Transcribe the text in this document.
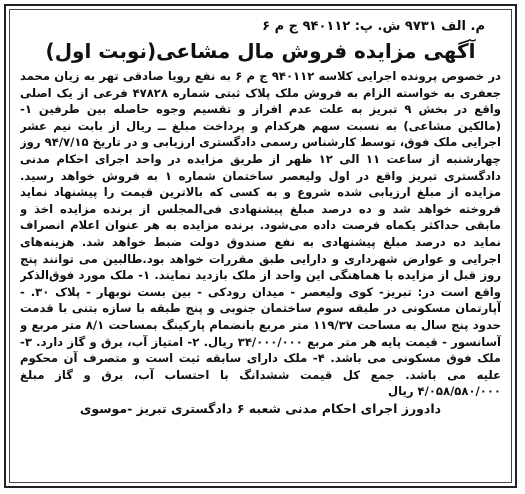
م. الف ۹۷۳۱ ش. پ: ۹۴۰۱۱۲ ج م ۶
آگهی مزایده فروش مال مشاعی(نوبت اول)

در خصوص پرونده اجرایی کلاسه ۹۴۰۱۱۲ ج م ۶ به نفع رویا صادقی تهر به زیان محمد جعفری به خواسته الزام به فروش ملک پلاک ثبتی شماره ۴۷۸۲۸ فرعی از یک اصلی واقع در بخش ۹ تبریز به علت عدم افراز و تقسیم وجوه حاصله بین طرفین ۱- (مالکین مشاعی) به نسبت سهم هرکدام و پرداخت مبلغ ــ ریال از بابت نیم عشر اجرایی ملک فوق، توسط کارشناس رسمی دادگستری ارزیابی و در تاریخ ۹۴/۷/۱۵ روز چهارشنبه از ساعت ۱۱ الی ۱۲ ظهر از طریق مزایده در واحد اجرای احکام مدنی دادگستری تبریز واقع در اول ولیعصر ساختمان شماره ۱ به فروش خواهد رسید. مزایده از مبلغ ارزیابی شده شروع و به کسی که بالاترین قیمت را پیشنهاد نماید فروخته خواهد شد و ده درصد مبلغ پیشنهادی فی‌المجلس از برنده مزایده اخذ و مابقی حداکثر یکماه فرصت داده می‌شود. برنده مزایده به هر عنوان اعلام انصراف نماید ده درصد مبلغ پیشنهادی به نفع صندوق دولت ضبط خواهد شد. هزینه‌های اجرایی و عوارض شهرداری و دارایی طبق مقررات خواهد بود.طالبین می توانند پنج روز قبل از مزایده با هماهنگی این واحد از ملک بازدید نمایند. ۱- ملک مورد فوق‌الذکر واقع است در: تبریز- کوی ولیعصر - میدان رودکی - بین بست نوبهار - پلاک ۳۰. - آپارتمان مسکونی در طبقه سوم ساختمان جنوبی و پنج طبقه با سازه بتنی با قدمت حدود پنج سال به مساحت ۱۱۹/۳۷ متر مربع بانضمام پارکینگ بمساحت ۸/۱ متر مربع و آسانسور - قیمت پایه هر متر مربع ۳۴/۰۰۰/۰۰۰ ریال. ۲- امتیاز آب، برق و گاز دارد. ۳- ملک فوق مسکونی می باشد. ۴- ملک دارای سابقه ثبت است و متصرف آن محکوم علیه می باشد. جمع کل قیمت ششدانگ با احتساب آب، برق و گاز مبلغ ۴/۰۵۸/۵۸۰/۰۰۰ ریال

دادورز اجرای احکام مدنی شعبه ۶ دادگستری تبریز -موسوی
